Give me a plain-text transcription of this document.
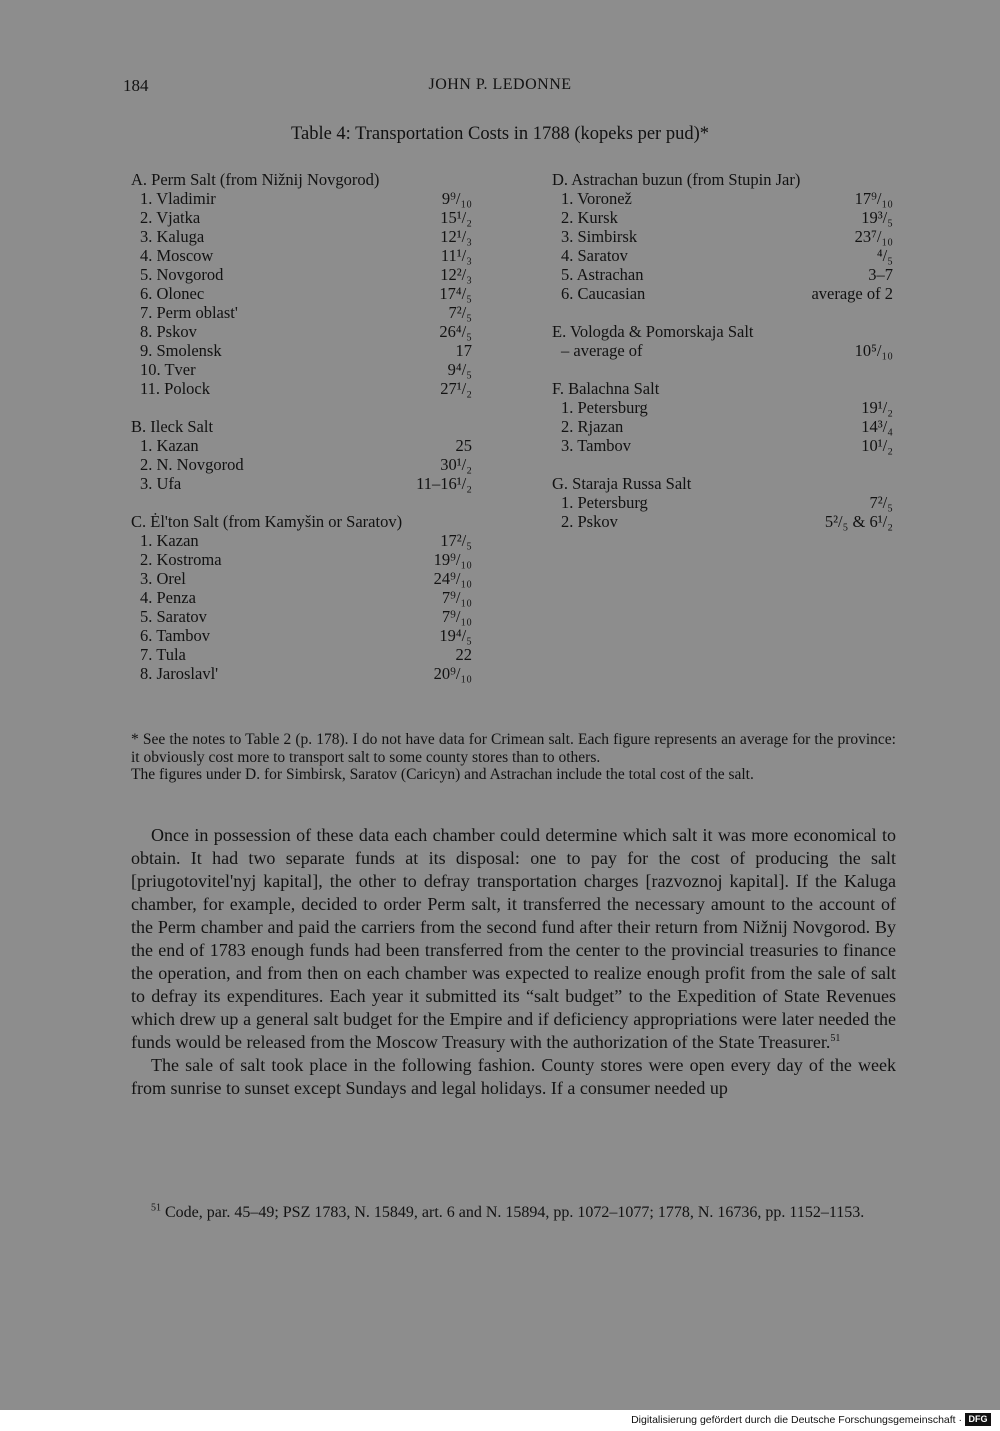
184	JOHN P. LEDONNE
Table 4: Transportation Costs in 1788 (kopeks per pud)*
A. Perm Salt (from Nižnij Novgorod)
1. Vladimir	9⁹/₁₀
2. Vjatka	15¹/₂
3. Kaluga	12¹/₃
4. Moscow	11¹/₃
5. Novgorod	12²/₃
6. Olonec	17⁴/₅
7. Perm oblast'	7²/₅
8. Pskov	26⁴/₅
9. Smolensk	17
10. Tver	9⁴/₅
11. Polock	27¹/₂
B. Ileck Salt
1. Kazan	25
2. N. Novgorod	30¹/₂
3. Ufa	11–16¹/₂
C. Ėl'ton Salt (from Kamyšin or Saratov)
1. Kazan	17²/₅
2. Kostroma	19⁹/₁₀
3. Orel	24⁹/₁₀
4. Penza	7⁹/₁₀
5. Saratov	7⁹/₁₀
6. Tambov	19⁴/₅
7. Tula	22
8. Jaroslavl'	20⁹/₁₀
D. Astrachan buzun (from Stupin Jar)
1. Voronež	17⁹/₁₀
2. Kursk	19³/₅
3. Simbirsk	23⁷/₁₀
4. Saratov	⁴/₅
5. Astrachan	3–7
6. Caucasian	average of 2
E. Vologda & Pomorskaja Salt
– average of	10⁵/₁₀
F. Balachna Salt
1. Petersburg	19¹/₂
2. Rjazan	14³/₄
3. Tambov	10¹/₂
G. Staraja Russa Salt
1. Petersburg	7²/₅
2. Pskov	5²/₅ & 6¹/₂

* See the notes to Table 2 (p. 178). I do not have data for Crimean salt. Each figure represents an average for the province: it obviously cost more to transport salt to some county stores than to others.

The figures under D. for Simbirsk, Saratov (Caricyn) and Astrachan include the total cost of the salt.

Once in possession of these data each chamber could determine which salt it was more economical to obtain. It had two separate funds at its disposal: one to pay for the cost of producing the salt [priugotovitel'nyj kapital], the other to defray transportation charges [razvoznoj kapital]. If the Kaluga chamber, for example, decided to order Perm salt, it transferred the necessary amount to the account of the Perm chamber and paid the carriers from the second fund after their return from Nižnij Novgorod. By the end of 1783 enough funds had been transferred from the center to the provincial treasuries to finance the operation, and from then on each chamber was expected to realize enough profit from the sale of salt to defray its expenditures. Each year it submitted its “salt budget” to the Expedition of State Revenues which drew up a general salt budget for the Empire and if deficiency appropriations were later needed the funds would be released from the Moscow Treasury with the authorization of the State Treasurer.$^{51}$

The sale of salt took place in the following fashion. County stores were open every day of the week from sunrise to sunset except Sundays and legal holidays. If a consumer needed up

$^{51}$ Code, par. 45–49; PSZ 1783, N. 15849, art. 6 and N. 15894, pp. 1072–1077; 1778, N. 16736, pp. 1152–1153.

Digitalisierung gefördert durch die Deutsche Forschungsgemeinschaft · DFG
